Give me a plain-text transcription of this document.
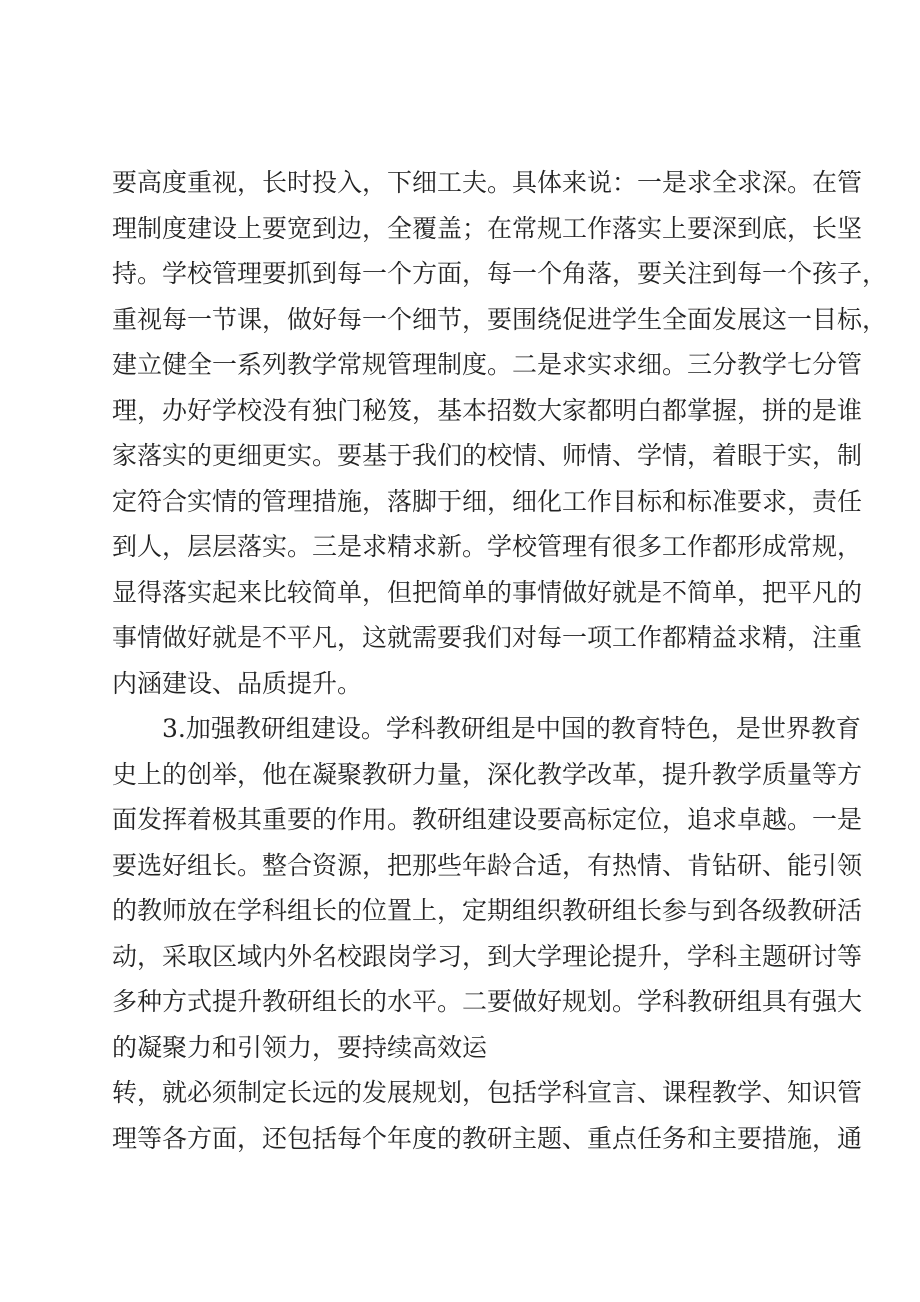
要高度重视，长时投入，下细工夫。具体来说：一是求全求深。在管
理制度建设上要宽到边，全覆盖；在常规工作落实上要深到底，长坚
持。学校管理要抓到每一个方面，每一个角落，要关注到每一个孩子，
重视每一节课，做好每一个细节，要围绕促进学生全面发展这一目标，
建立健全一系列教学常规管理制度。二是求实求细。三分教学七分管
理，办好学校没有独门秘笈，基本招数大家都明白都掌握，拼的是谁
家落实的更细更实。要基于我们的校情、师情、学情，着眼于实，制
定符合实情的管理措施，落脚于细，细化工作目标和标准要求，责任
到人，层层落实。三是求精求新。学校管理有很多工作都形成常规，
显得落实起来比较简单，但把简单的事情做好就是不简单，把平凡的
事情做好就是不平凡，这就需要我们对每一项工作都精益求精，注重
内涵建设、品质提升。
3.加强教研组建设。学科教研组是中国的教育特色，是世界教育
史上的创举，他在凝聚教研力量，深化教学改革，提升教学质量等方
面发挥着极其重要的作用。教研组建设要高标定位，追求卓越。一是
要选好组长。整合资源，把那些年龄合适，有热情、肯钻研、能引领
的教师放在学科组长的位置上，定期组织教研组长参与到各级教研活
动，采取区域内外名校跟岗学习，到大学理论提升，学科主题研讨等
多种方式提升教研组长的水平。二要做好规划。学科教研组具有强大
的凝聚力和引领力，要持续高效运
转，就必须制定长远的发展规划，包括学科宣言、课程教学、知识管
理等各方面，还包括每个年度的教研主题、重点任务和主要措施，通
